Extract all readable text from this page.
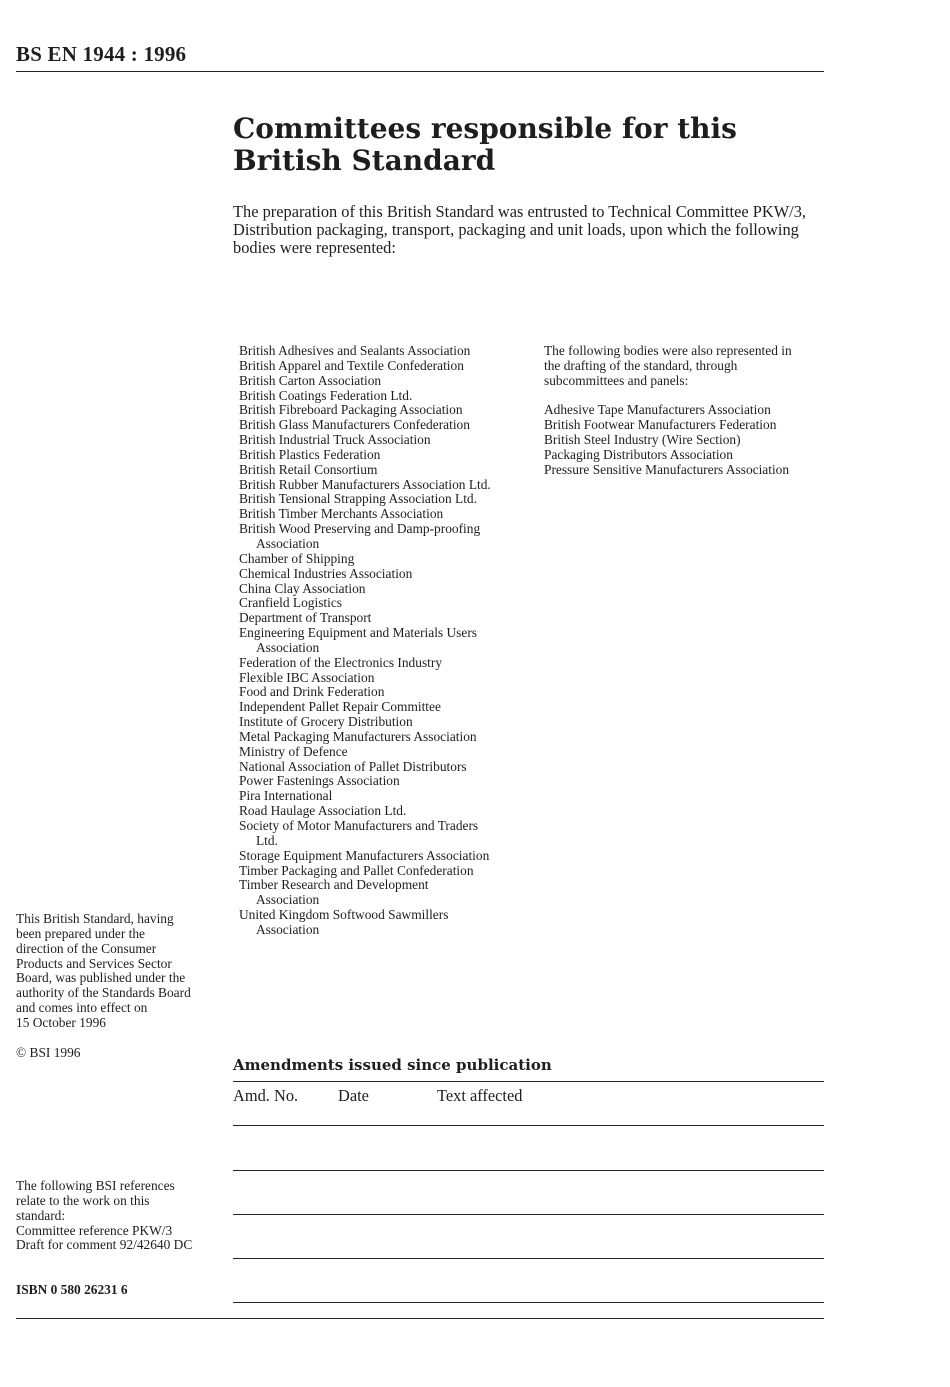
BS EN 1944 : 1996
Committees responsible for this
British Standard
The preparation of this British Standard was entrusted to Technical Committee PKW/3, Distribution packaging, transport, packaging and unit loads, upon which the following bodies were represented:
British Adhesives and Sealants Association
British Apparel and Textile Confederation
British Carton Association
British Coatings Federation Ltd.
British Fibreboard Packaging Association
British Glass Manufacturers Confederation
British Industrial Truck Association
British Plastics Federation
British Retail Consortium
British Rubber Manufacturers Association Ltd.
British Tensional Strapping Association Ltd.
British Timber Merchants Association
British Wood Preserving and Damp-proofing
Association
Chamber of Shipping
Chemical Industries Association
China Clay Association
Cranfield Logistics
Department of Transport
Engineering Equipment and Materials Users
Association
Federation of the Electronics Industry
Flexible IBC Association
Food and Drink Federation
Independent Pallet Repair Committee
Institute of Grocery Distribution
Metal Packaging Manufacturers Association
Ministry of Defence
National Association of Pallet Distributors
Power Fastenings Association
Pira International
Road Haulage Association Ltd.
Society of Motor Manufacturers and Traders
Ltd.
Storage Equipment Manufacturers Association
Timber Packaging and Pallet Confederation
Timber Research and Development
Association
United Kingdom Softwood Sawmillers
Association
The following bodies were also represented in
the drafting of the standard, through
subcommittees and panels:
Adhesive Tape Manufacturers Association
British Footwear Manufacturers Federation
British Steel Industry (Wire Section)
Packaging Distributors Association
Pressure Sensitive Manufacturers Association
This British Standard, having
been prepared under the
direction of the Consumer
Products and Services Sector
Board, was published under the
authority of the Standards Board
and comes into effect on
15 October 1996
© BSI 1996
The following BSI references
relate to the work on this
standard:
Committee reference PKW/3
Draft for comment 92/42640 DC
ISBN 0 580 26231 6
Amendments issued since publication
Amd. No. Date	Text affected
